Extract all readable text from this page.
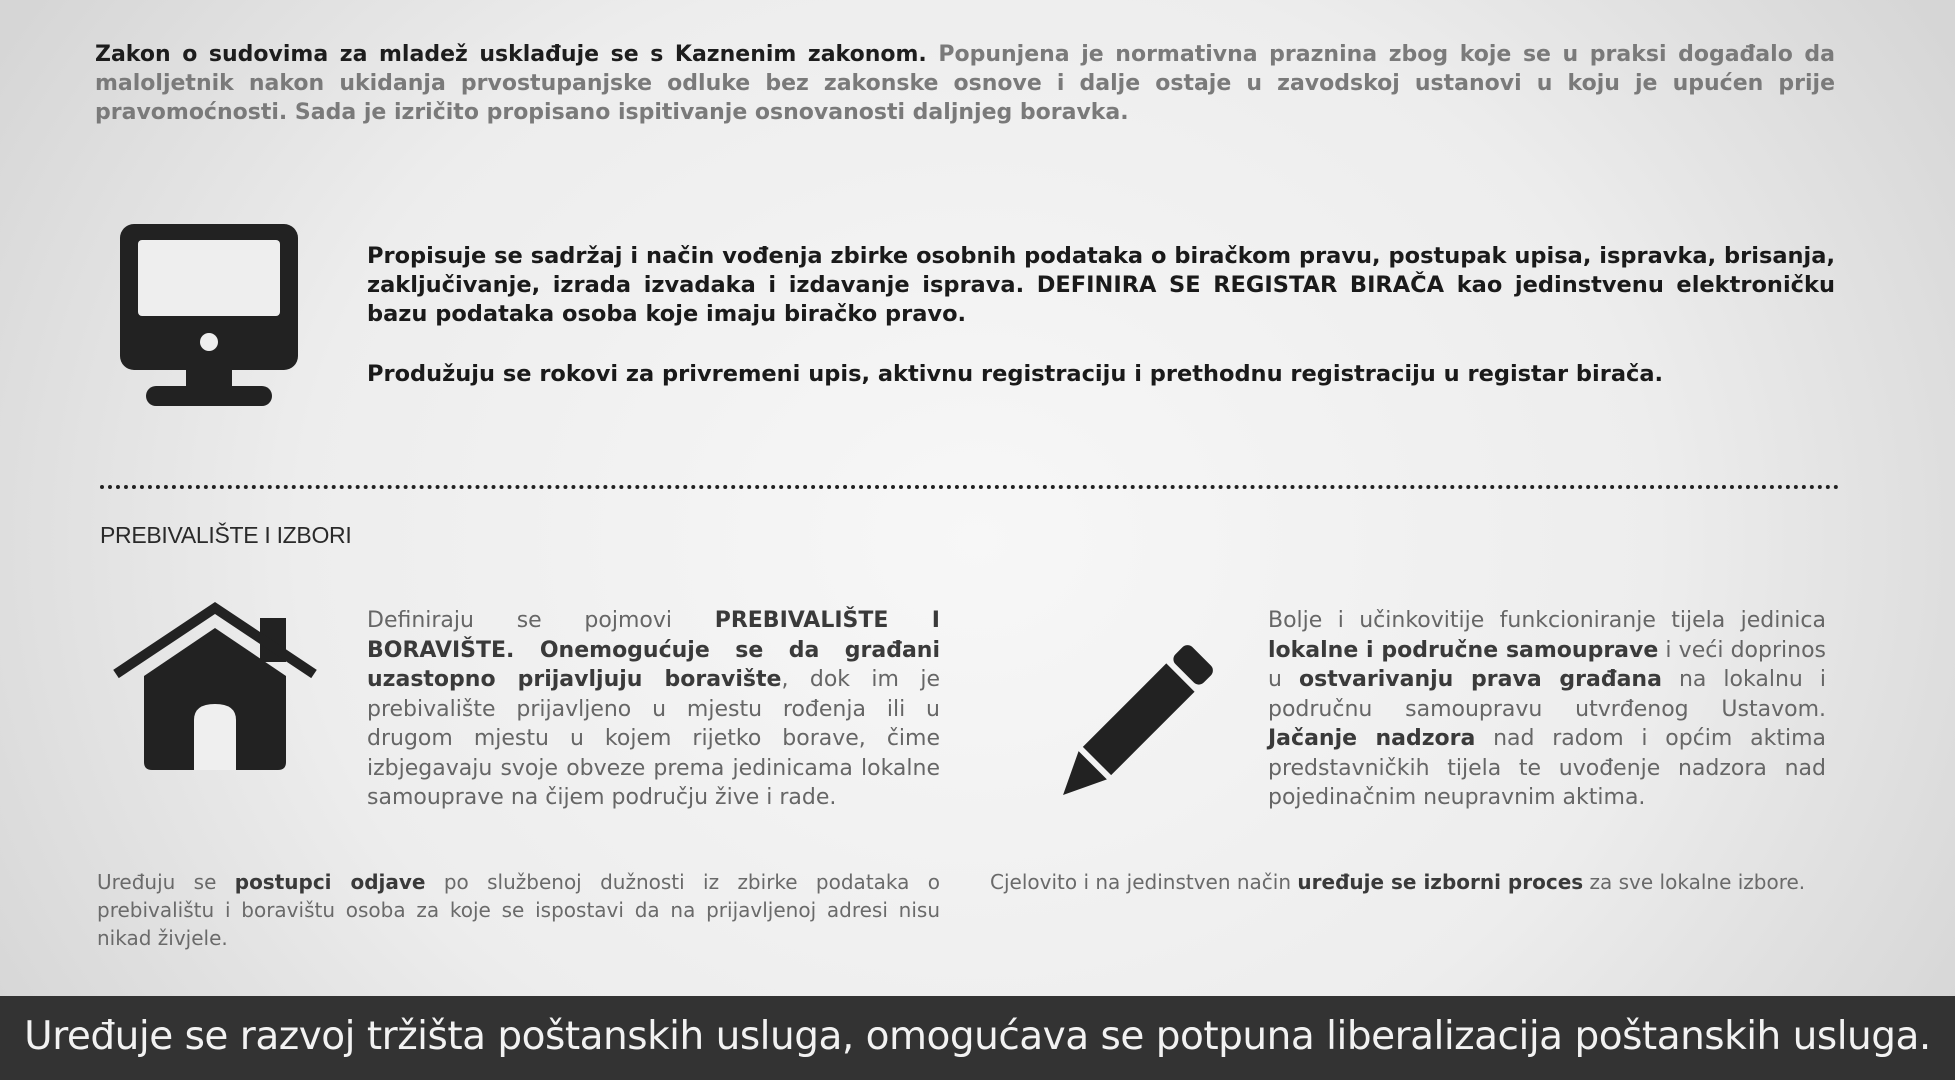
Zakon o sudovima za mladež usklađuje se s Kaznenim zakonom. Popunjena je normativna praznina zbog koje se u praksi događalo da maloljetnik nakon ukidanja prvostupanjske odluke bez zakonske osnove i dalje ostaje u zavodskoj ustanovi u koju je upućen prije pravomoćnosti. Sada je izričito propisano ispitivanje osnovanosti daljnjeg boravka.

Propisuje se sadržaj i način vođenja zbirke osobnih podataka o biračkom pravu, postupak upisa, ispravka, brisanja, zaključivanje, izrada izvadaka i izdavanje isprava. DEFINIRA SE REGISTAR BIRAČA kao jedinstvenu elektroničku bazu podataka osoba koje imaju biračko pravo.

Produžuju se rokovi za privremeni upis, aktivnu registraciju i prethodnu registraciju u registar birača.

PREBIVALIŠTE I IZBORI
Definiraju se pojmovi PREBIVALIŠTE I BORAVIŠTE. Onemogućuje se da građani uzastopno prijavljuju boravište, dok im je prebivalište prijavljeno u mjestu rođenja ili u drugom mjestu u kojem rijetko borave, čime izbjegavaju svoje obveze prema jedinicama lokalne samouprave na čijem području žive i rade.
Bolje i učinkovitije funkcioniranje tijela jedinica lokalne i područne samouprave i veći doprinos u ostvarivanju prava građana na lokalnu i područnu samoupravu utvrđenog Ustavom. Jačanje nadzora nad radom i općim aktima predstavničkih tijela te uvođenje nadzora nad pojedinačnim neupravnim aktima.
Uređuju se postupci odjave po službenoj dužnosti iz zbirke podataka o prebivalištu i boravištu osoba za koje se ispostavi da na prijavljenoj adresi nisu nikad živjele.
Cjelovito i na jedinstven način uređuje se izborni proces za sve lokalne izbore.
Uređuje se razvoj tržišta poštanskih usluga, omogućava se potpuna liberalizacija poštanskih usluga.
